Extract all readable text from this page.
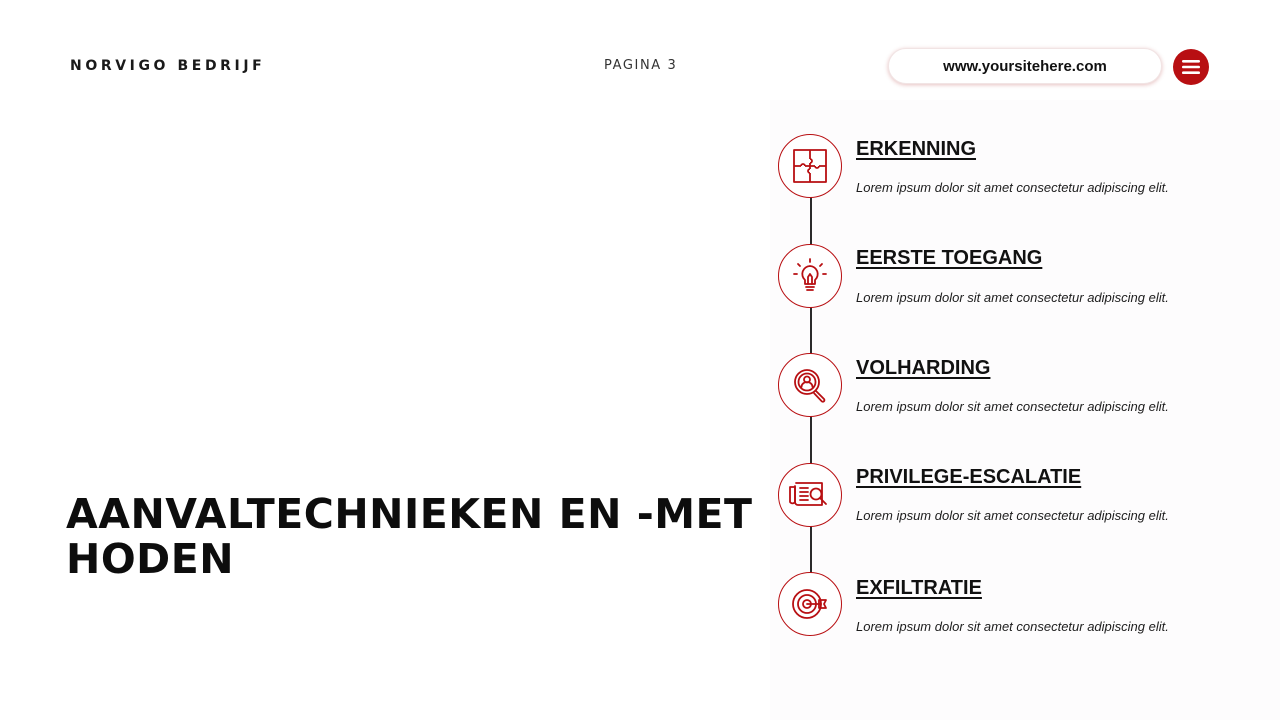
NORVIGO BEDRIJF	PAGINA 3	www.yoursitehere.com
AANVALTECHNIEKEN EN -METHODEN
ERKENNING
Lorem ipsum dolor sit amet consectetur adipiscing elit.
EERSTE TOEGANG
Lorem ipsum dolor sit amet consectetur adipiscing elit.
VOLHARDING
Lorem ipsum dolor sit amet consectetur adipiscing elit.
PRIVILEGE-ESCALATIE
Lorem ipsum dolor sit amet consectetur adipiscing elit.
EXFILTRATIE
Lorem ipsum dolor sit amet consectetur adipiscing elit.
